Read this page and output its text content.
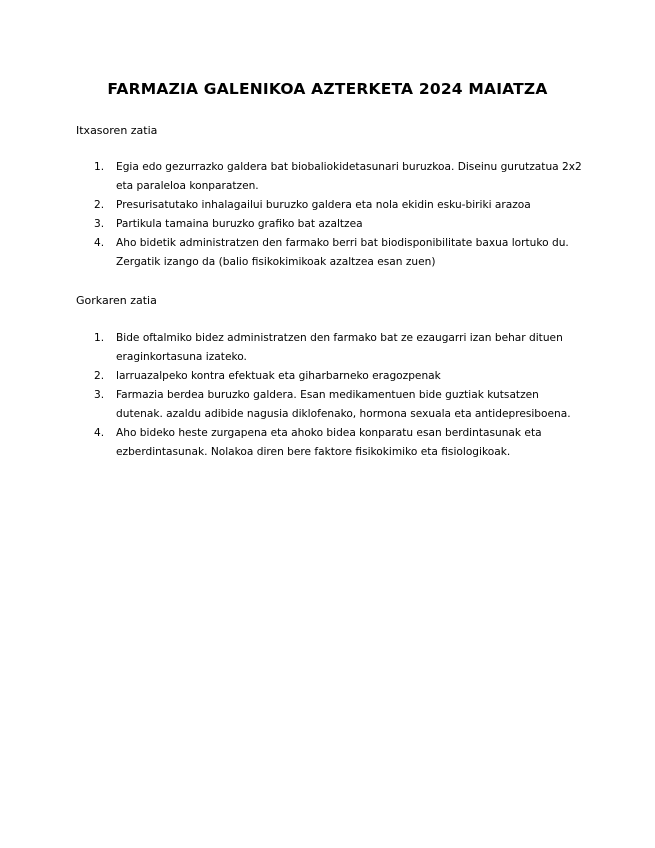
FARMAZIA GALENIKOA AZTERKETA 2024 MAIATZA

Itxasoren zatia

1. Egia edo gezurrazko galdera bat biobaliokidetasunari buruzkoa. Diseinu gurutzatua 2x2 eta paraleloa konparatzen.
2. Presurisatutako inhalagailui buruzko galdera eta nola ekidin esku-biriki arazoa
3. Partikula tamaina buruzko grafiko bat azaltzea
4. Aho bidetik administratzen den farmako berri bat biodisponibilitate baxua lortuko du. Zergatik izango da (balio fisikokimikoak azaltzea esan zuen)

Gorkaren zatia

1. Bide oftalmiko bidez administratzen den farmako bat ze ezaugarri izan behar dituen eraginkortasuna izateko.
2. larruazalpeko kontra efektuak eta giharbarneko eragozpenak
3. Farmazia berdea buruzko galdera. Esan medikamentuen bide guztiak kutsatzen dutenak. azaldu adibide nagusia diklofenako, hormona sexuala eta antidepresiboena.
4. Aho bideko heste zurgapena eta ahoko bidea konparatu esan berdintasunak eta ezberdintasunak. Nolakoa diren bere faktore fisikokimiko eta fisiologikoak.
